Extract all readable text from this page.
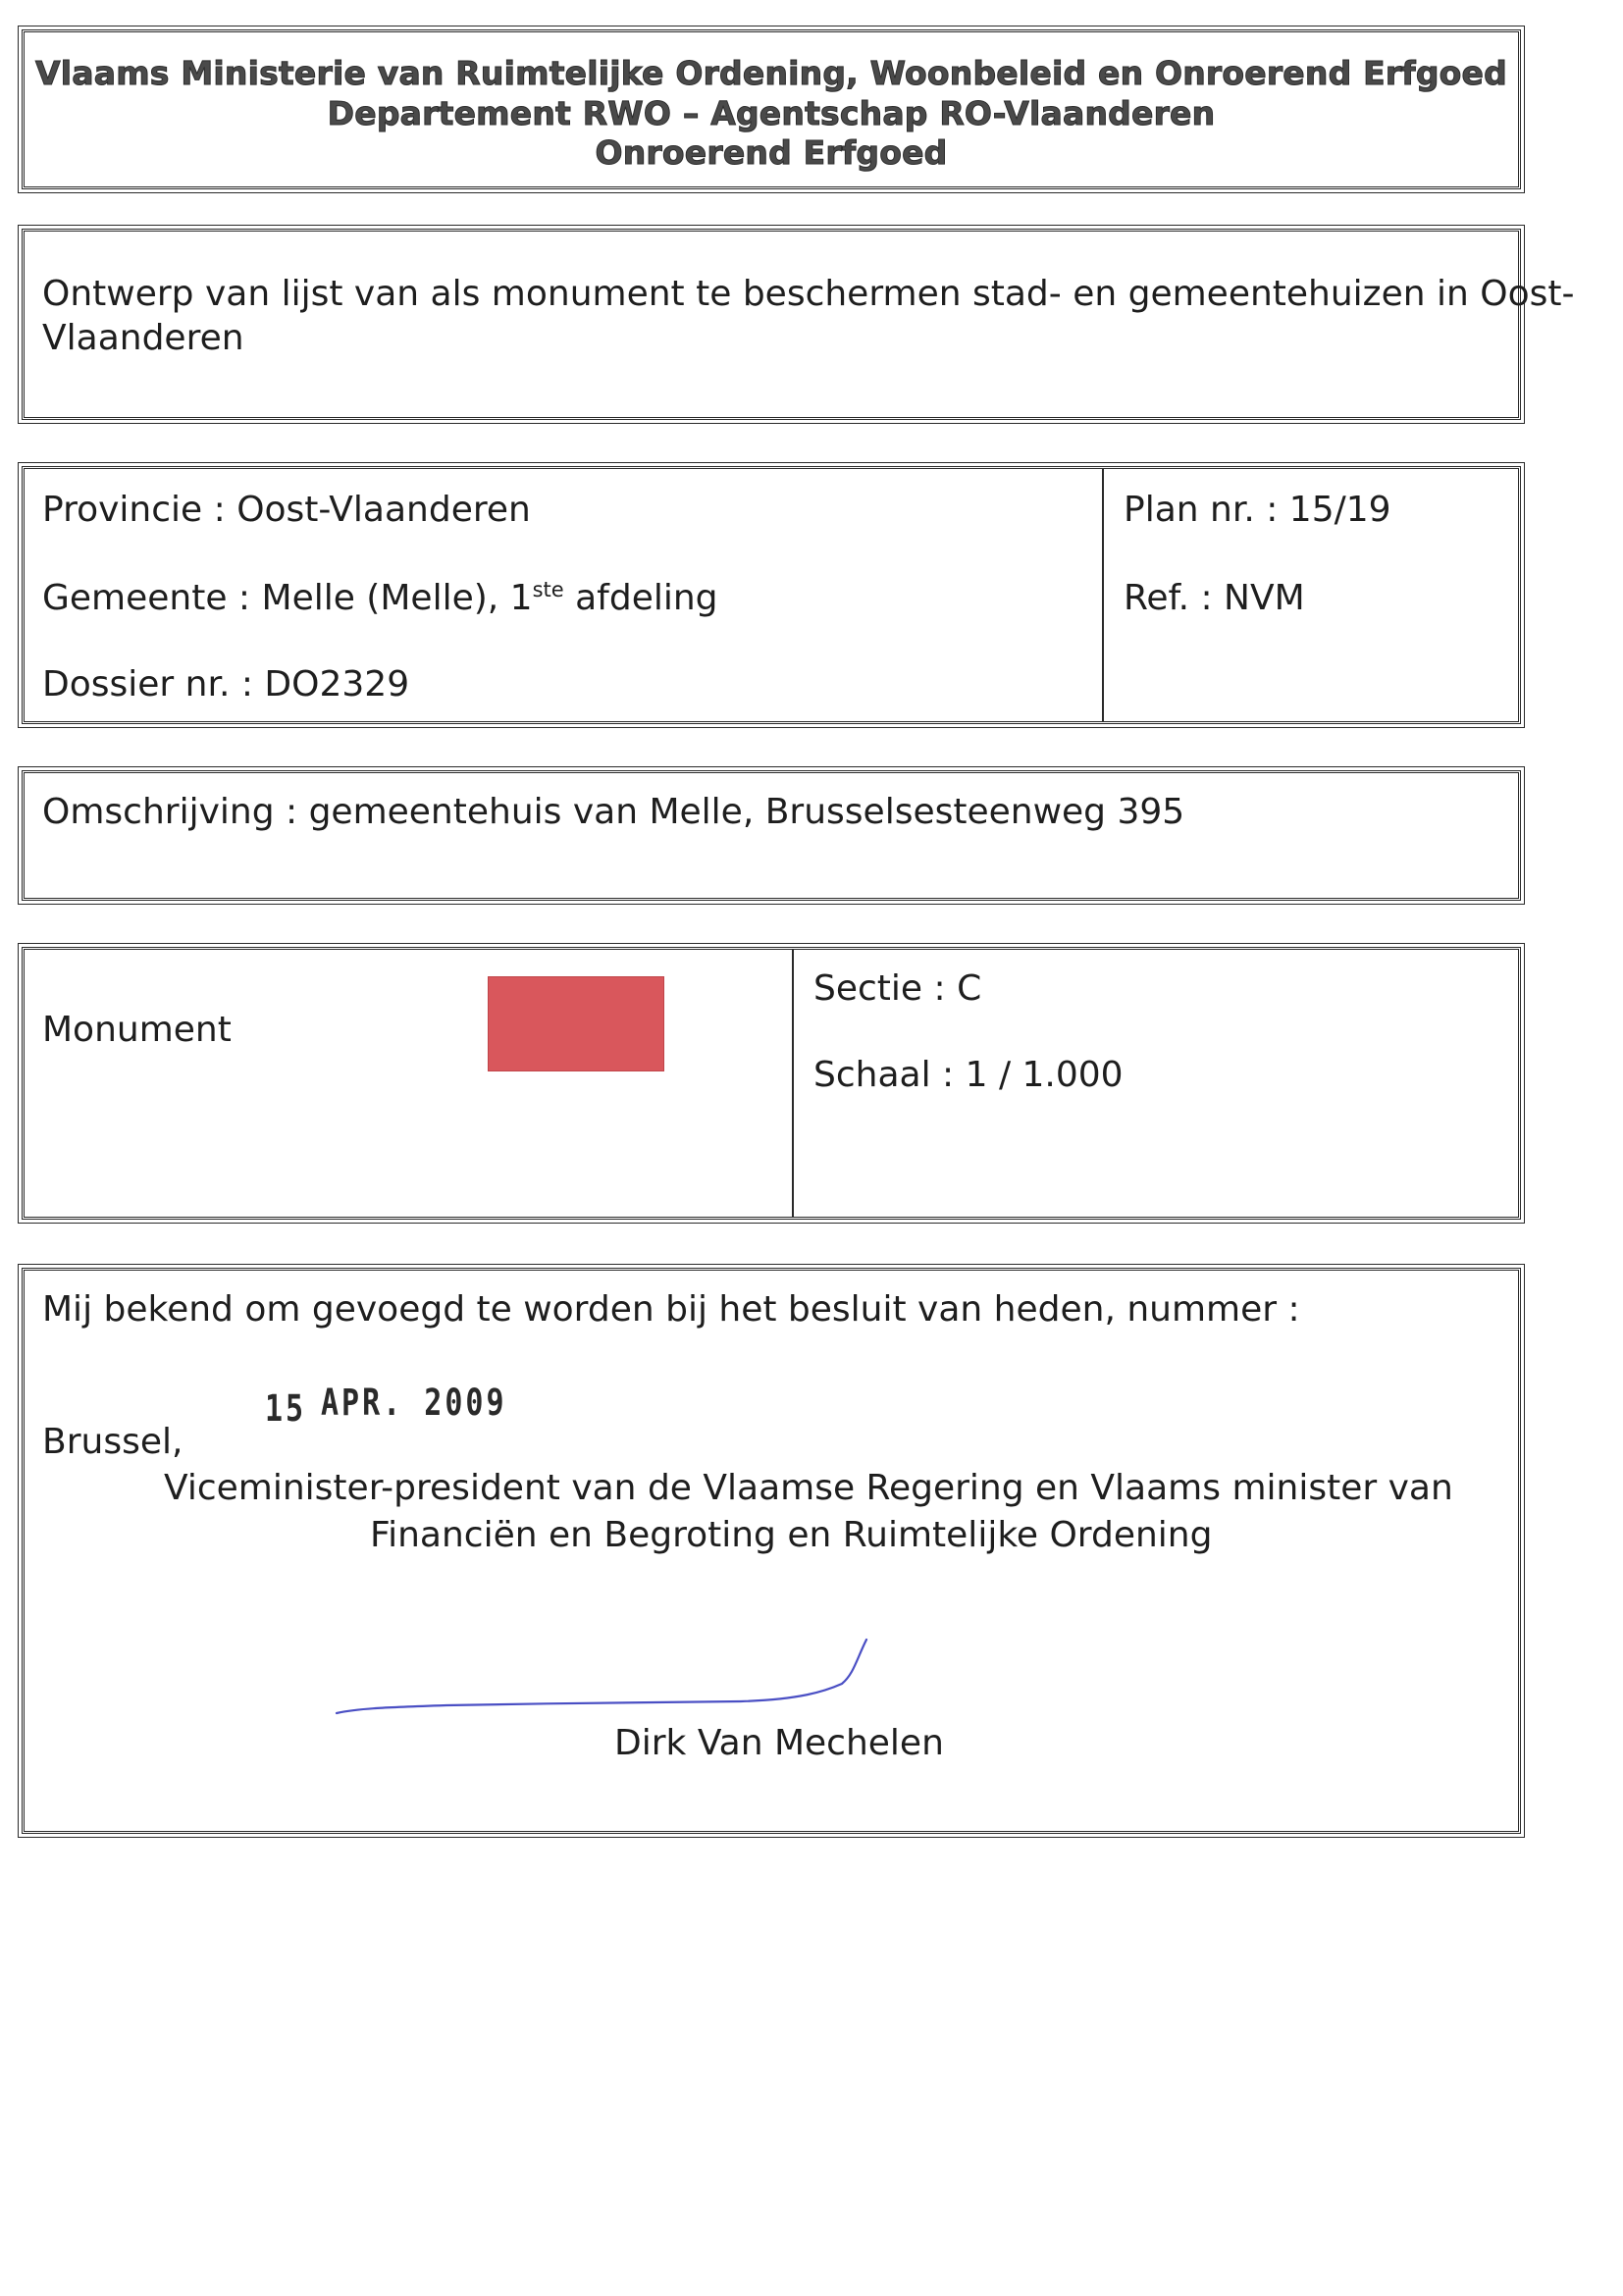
Vlaams Ministerie van Ruimtelijke Ordening, Woonbeleid en Onroerend Erfgoed
Departement RWO – Agentschap RO-Vlaanderen
Onroerend Erfgoed
Ontwerp van lijst van als monument te beschermen stad- en gemeentehuizen in Oost-
Vlaanderen
Provincie : Oost-Vlaanderen
Gemeente : Melle (Melle), 1ste afdeling
Dossier nr. : DO2329
Plan nr. : 15/19
Ref. : NVM
Omschrijving : gemeentehuis van Melle, Brusselsesteenweg 395
Monument
Sectie : C
Schaal : 1 / 1.000
Mij bekend om gevoegd te worden bij het besluit van heden, nummer :
15 APR. 2009
Brussel,
Viceminister-president van de Vlaamse Regering en Vlaams minister van
Financiën en Begroting en Ruimtelijke Ordening
Dirk Van Mechelen
